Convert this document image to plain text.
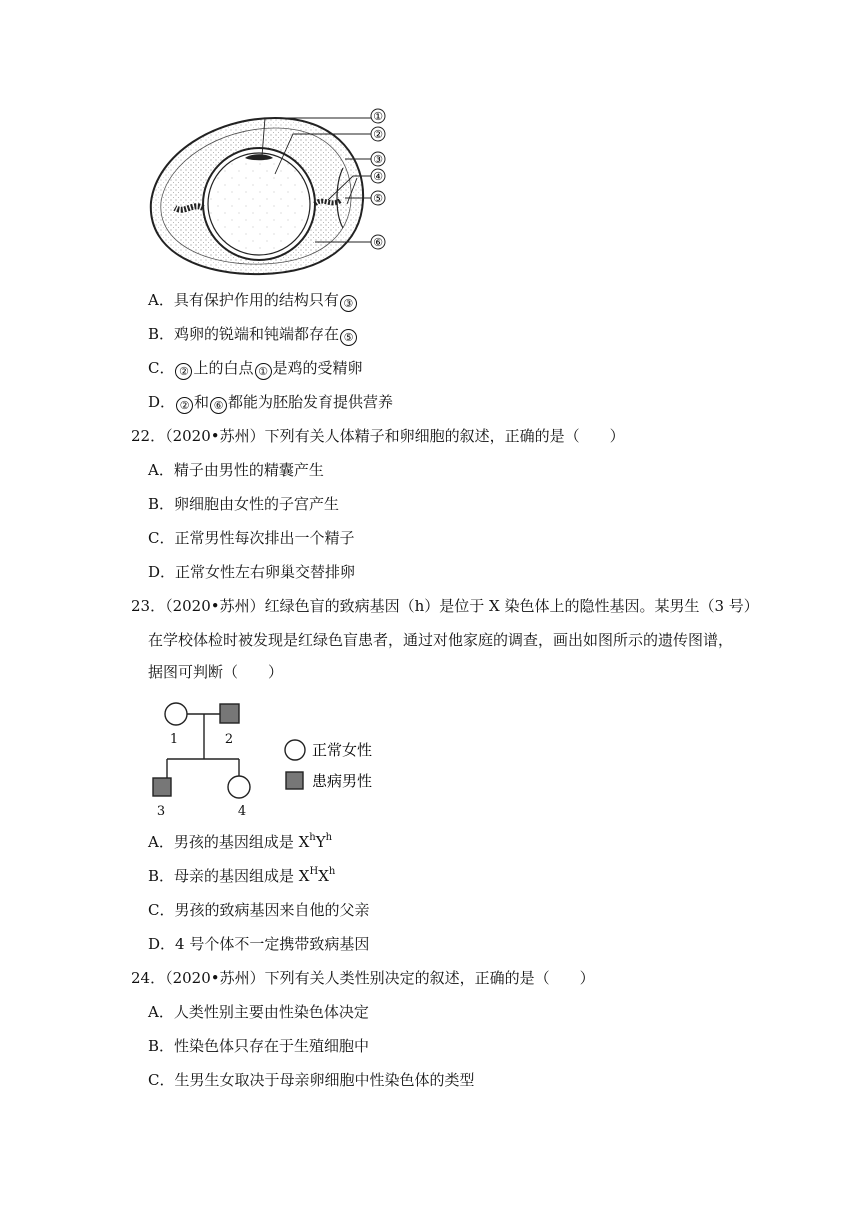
①
②
③
④
⑤
⑥
A．具有保护作用的结构只有 ③
B．鸡卵的锐端和钝端都存在 ⑤
C． ② 上的白点 ① 是鸡的受精卵
D． ② 和 ⑥ 都能为胚胎发育提供营养
22．（2020•苏州）下列有关人体精子和卵细胞的叙述，正确的是（　　）
A．精子由男性的精囊产生
B．卵细胞由女性的子宫产生
C．正常男性每次排出一个精子
D．正常女性左右卵巢交替排卵
23．（2020•苏州）红绿色盲的致病基因（h）是位于 X 染色体上的隐性基因。某男生（3 号）
在学校体检时被发现是红绿色盲患者，通过对他家庭的调查，画出如图所示的遗传图谱，
据图可判断（　　）
1	2
3	4
正常女性
患病男性
A．男孩的基因组成是 $X^hY^h$
B．母亲的基因组成是 $X^HX^h$
C．男孩的致病基因来自他的父亲
D．4 号个体不一定携带致病基因
24．（2020•苏州）下列有关人类性别决定的叙述，正确的是（　　）
A．人类性别主要由性染色体决定
B．性染色体只存在于生殖细胞中
C．生男生女取决于母亲卵细胞中性染色体的类型
